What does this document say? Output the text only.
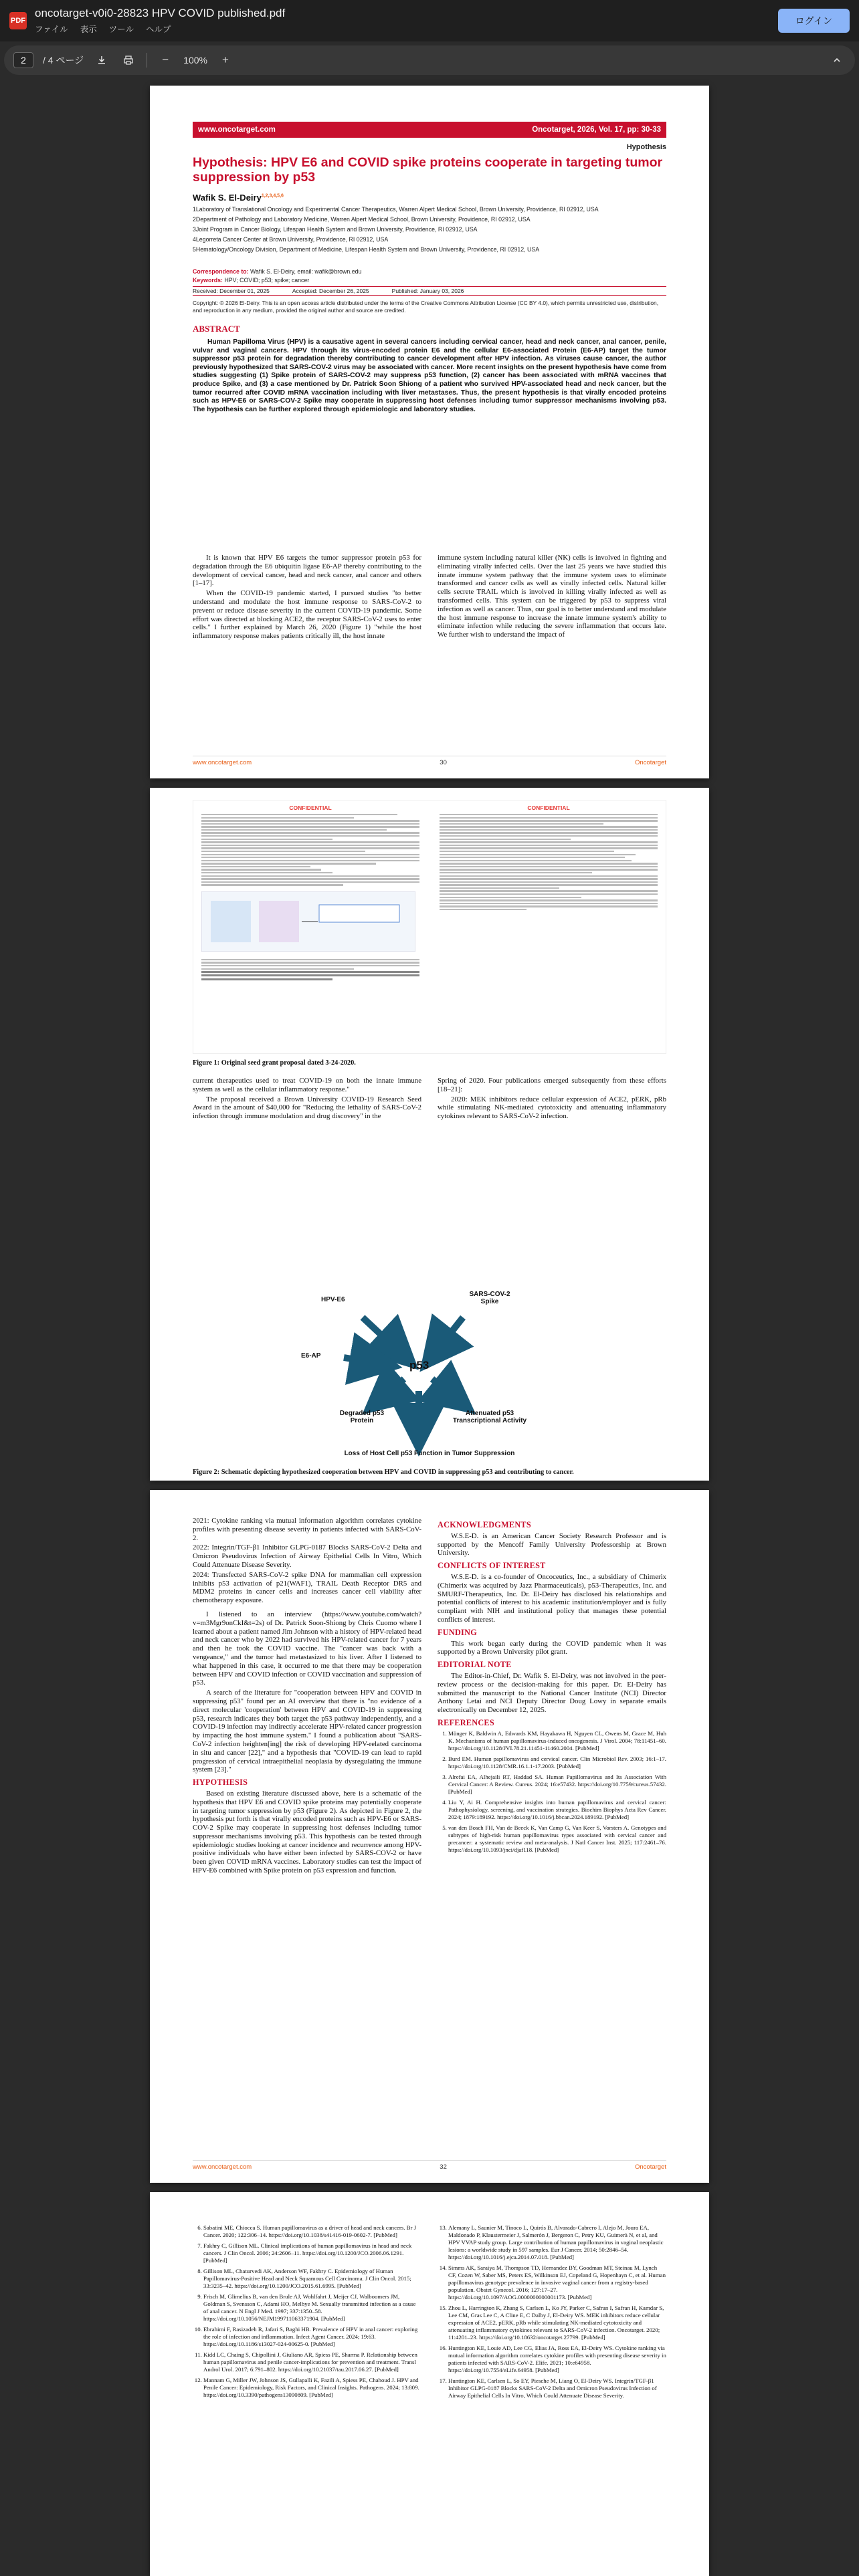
PDF
oncotarget-v0i0-28823 HPV COVID published.pdf
ファイル 表示 ツール ヘルプ
ログイン
2	/ 4 ページ	−	100%	+
www.oncotarget.com	Oncotarget, 2026, Vol. 17, pp: 30-33
Hypothesis
Hypothesis: HPV E6 and COVID spike proteins cooperate in targeting tumor suppression by p53
Wafik S. El-Deiry$^{1,2,3,4,5,6}$

1Laboratory of Translational Oncology and Experimental Cancer Therapeutics, Warren Alpert Medical School, Brown University, Providence, RI 02912, USA

2Department of Pathology and Laboratory Medicine, Warren Alpert Medical School, Brown University, Providence, RI 02912, USA

3Joint Program in Cancer Biology, Lifespan Health System and Brown University, Providence, RI 02912, USA

4Legorreta Cancer Center at Brown University, Providence, RI 02912, USA

5Hematology/Oncology Division, Department of Medicine, Lifespan Health System and Brown University, Providence, RI 02912, USA

Correspondence to: Wafik S. El-Deiry, email: wafik@brown.edu
Keywords: HPV; COVID; p53; spike; cancer
Received: December 01, 2025	Accepted: December 26, 2025	Published: January 03, 2026
Copyright: © 2026 El-Deiry. This is an open access article distributed under the terms of the Creative Commons Attribution License (CC BY 4.0), which permits unrestricted use, distribution, and reproduction in any medium, provided the original author and source are credited.
ABSTRACT
Human Papilloma Virus (HPV) is a causative agent in several cancers including cervical cancer, head and neck cancer, anal cancer, penile, vulvar and vaginal cancers. HPV through its virus-encoded protein E6 and the cellular E6-associated Protein (E6-AP) target the tumor suppressor p53 protein for degradation thereby contributing to cancer development after HPV infection. As viruses cause cancer, the author previously hypothesized that SARS-COV-2 virus may be associated with cancer. More recent insights on the present hypothesis have come from studies suggesting (1) Spike protein of SARS-COV-2 may suppress p53 function, (2) cancer has been associated with mRNA vaccines that produce Spike, and (3) a case mentioned by Dr. Patrick Soon Shiong of a patient who survived HPV-associated head and neck cancer, but the tumor recurred after COVID mRNA vaccination including with liver metastases. Thus, the present hypothesis is that virally encoded proteins such as HPV-E6 or SARS-COV-2 Spike may cooperate in suppressing host defenses including tumor suppressor mechanisms involving p53. The hypothesis can be further explored through epidemiologic and laboratory studies.

It is known that HPV E6 targets the tumor suppressor protein p53 for degradation through the E6 ubiquitin ligase E6-AP thereby contributing to the development of cervical cancer, head and neck cancer, anal cancer and others [1–17].

When the COVID-19 pandemic started, I pursued studies "to better understand and modulate the host immune response to SARS-CoV-2 to prevent or reduce disease severity in the current COVID-19 pandemic. Some effort was directed at blocking ACE2, the receptor SARS-CoV-2 uses to enter cells." I further explained by March 26, 2020 (Figure 1) "while the host inflammatory response makes patients critically ill, the host innate

immune system including natural killer (NK) cells is involved in fighting and eliminating virally infected cells. Over the last 25 years we have studied this innate immune system pathway that the immune system uses to eliminate transformed and cancer cells as well as virally infected cells. Natural killer cells secrete TRAIL which is involved in killing virally infected as well as transformed cells. This system can be triggered by p53 to suppress viral infection as well as cancer. Thus, our goal is to better understand and modulate the host immune response to increase the innate immune system's ability to eliminate infection while reducing the severe inflammation that occurs late. We further wish to understand the impact of

www.oncotarget.com	30	Oncotarget
CONFIDENTIAL	CONFIDENTIAL
Figure 1: Original seed grant proposal dated 3-24-2020.

current therapeutics used to treat COVID-19 on both the innate immune system as well as the cellular inflammatory response."

The proposal received a Brown University COVID-19 Research Seed Award in the amount of $40,000 for "Reducing the lethality of SARS-CoV-2 infection through immune modulation and drug discovery" in the

Spring of 2020. Four publications emerged subsequently from these efforts [18–21]:

2020: MEK inhibitors reduce cellular expression of ACE2, pERK, pRb while stimulating NK-mediated cytotoxicity and attenuating inflammatory cytokines relevant to SARS-CoV-2 infection.

HPV-E6
SARS-COV-2 Spike
E6-AP
p53
Degraded p53 Protein
Attenuated p53 Transcriptional Activity
Loss of Host Cell p53 Function in Tumor Suppression
Figure 2: Schematic depicting hypothesized cooperation between HPV and COVID in suppressing p53 and contributing to cancer.

2021: Cytokine ranking via mutual information algorithm correlates cytokine profiles with presenting disease severity in patients infected with SARS-CoV-2.

2022: Integrin/TGF-β1 Inhibitor GLPG-0187 Blocks SARS-CoV-2 Delta and Omicron Pseudovirus Infection of Airway Epithelial Cells In Vitro, Which Could Attenuate Disease Severity.

2024: Transfected SARS-CoV-2 spike DNA for mammalian cell expression inhibits p53 activation of p21(WAF1), TRAIL Death Receptor DR5 and MDM2 proteins in cancer cells and increases cancer cell viability after chemotherapy exposure.

I listened to an interview (https://www.youtube.com/watch?v=m3Mgr9onCkI&t=2s) of Dr. Patrick Soon-Shiong by Chris Cuomo where I learned about a patient named Jim Johnson with a history of HPV-related head and neck cancer who by 2022 had survived his HPV-related cancer for 7 years and then he took the COVID vaccine. The "cancer was back with a vengeance," and the tumor had metastasized to his liver. After I listened to what happened in this case, it occurred to me that there may be cooperation between HPV and COVID infection or COVID vaccination and suppression of p53.

A search of the literature for "cooperation between HPV and COVID in suppressing p53" found per an AI overview that there is "no evidence of a direct molecular 'cooperation' between HPV and COVID-19 in suppressing p53, research indicates they both target the p53 pathway independently, and a COVID-19 infection may indirectly accelerate HPV-related cancer progression by impacting the host immune system." I found a publication about "SARS-CoV-2 infection heighten[ing] the risk of developing HPV-related carcinoma in situ and cancer [22]," and a hypothesis that "COVID-19 can lead to rapid progression of cervical intraepithelial neoplasia by dysregulating the immune system [23]."

HYPOTHESIS

Based on existing literature discussed above, here is a schematic of the hypothesis that HPV E6 and COVID spike proteins may potentially cooperate in targeting tumor suppression by p53 (Figure 2). As depicted in Figure 2, the hypothesis put forth is that virally encoded proteins such as HPV-E6 or SARS-COV-2 Spike may cooperate in suppressing host defenses including tumor suppressor mechanisms involving p53. This hypothesis can be tested through epidemiologic studies looking at cancer incidence and recurrence among HPV-positive individuals who have either been infected by SARS-COV-2 or have been given COVID mRNA vaccines. Laboratory studies can test the impact of HPV-E6 combined with Spike protein on p53 expression and function.

ACKNOWLEDGMENTS

W.S.E-D. is an American Cancer Society Research Professor and is supported by the Mencoff Family University Professorship at Brown University.

CONFLICTS OF INTEREST

W.S.E-D. is a co-founder of Oncoceutics, Inc., a subsidiary of Chimerix (Chimerix was acquired by Jazz Pharmaceuticals), p53-Therapeutics, Inc. and SMURF-Therapeutics, Inc. Dr. El-Deiry has disclosed his relationships and potential conflicts of interest to his academic institution/employer and is fully compliant with NIH and institutional policy that manages these potential conflicts of interest.

FUNDING

This work began early during the COVID pandemic when it was supported by a Brown University pilot grant.

EDITORIAL NOTE

The Editor-in-Chief, Dr. Wafik S. El-Deiry, was not involved in the peer-review process or the decision-making for this paper. Dr. El-Deiry has submitted the manuscript to the National Cancer Institute (NCI) Director Anthony Letai and NCI Deputy Director Doug Lowy in separate emails electronically on December 12, 2025.

REFERENCES
1. Münger K, Baldwin A, Edwards KM, Hayakawa H, Nguyen CL, Owens M, Grace M, Huh K. Mechanisms of human papillomavirus-induced oncogenesis. J Virol. 2004; 78:11451–60. https://doi.org/10.1128/JVI.78.21.11451-11460.2004. [PubMed]
2. Burd EM. Human papillomavirus and cervical cancer. Clin Microbiol Rev. 2003; 16:1–17. https://doi.org/10.1128/CMR.16.1.1-17.2003. [PubMed]
3. Alrefai EA, Alhejaili RT, Haddad SA. Human Papillomavirus and Its Association With Cervical Cancer: A Review. Cureus. 2024; 16:e57432. https://doi.org/10.7759/cureus.57432. [PubMed]
4. Liu Y, Ai H. Comprehensive insights into human papillomavirus and cervical cancer: Pathophysiology, screening, and vaccination strategies. Biochim Biophys Acta Rev Cancer. 2024; 1879:189192. https://doi.org/10.1016/j.bbcan.2024.189192. [PubMed]
5. van den Bosch FH, Van de Beeck K, Van Camp G, Van Keer S, Vorsters A. Genotypes and subtypes of high-risk human papillomavirus types associated with cervical cancer and precancer: a systematic review and meta-analysis. J Natl Cancer Inst. 2025; 117:2461–76. https://doi.org/10.1093/jnci/djaf118. [PubMed]
www.oncotarget.com	32	Oncotarget
6. Sabatini ME, Chiocca S. Human papillomavirus as a driver of head and neck cancers. Br J Cancer. 2020; 122:306–14. https://doi.org/10.1038/s41416-019-0602-7. [PubMed]
7. Fakhry C, Gillison ML. Clinical implications of human papillomavirus in head and neck cancers. J Clin Oncol. 2006; 24:2606–11. https://doi.org/10.1200/JCO.2006.06.1291. [PubMed]
8. Gillison ML, Chaturvedi AK, Anderson WF, Fakhry C. Epidemiology of Human Papillomavirus-Positive Head and Neck Squamous Cell Carcinoma. J Clin Oncol. 2015; 33:3235–42. https://doi.org/10.1200/JCO.2015.61.6995. [PubMed]
9. Frisch M, Glimelius B, van den Brule AJ, Wohlfahrt J, Meijer CJ, Walboomers JM, Goldman S, Svensson C, Adami HO, Melbye M. Sexually transmitted infection as a cause of anal cancer. N Engl J Med. 1997; 337:1350–58. https://doi.org/10.1056/NEJM199711063371904. [PubMed]
10. Ebrahimi F, Rasizadeh R, Jafari S, Baghi HB. Prevalence of HPV in anal cancer: exploring the role of infection and inflammation. Infect Agent Cancer. 2024; 19:63. https://doi.org/10.1186/s13027-024-00625-0. [PubMed]
11. Kidd LC, Chaing S, Chipollini J, Giuliano AR, Spiess PE, Sharma P. Relationship between human papillomavirus and penile cancer-implications for prevention and treatment. Transl Androl Urol. 2017; 6:791–802. https://doi.org/10.21037/tau.2017.06.27. [PubMed]
12. Mannam G, Miller JW, Johnson JS, Gullapalli K, Fazili A, Spiess PE, Chahoud J. HPV and Penile Cancer: Epidemiology, Risk Factors, and Clinical Insights. Pathogens. 2024; 13:809. https://doi.org/10.3390/pathogens13090809. [PubMed]
13. Alemany L, Saunier M, Tinoco L, Quirós B, Alvarado-Cabrero I, Alejo M, Joura EA, Maldonado P, Klaustermeier J, Salmerón J, Bergeron C, Petry KU, Guimerà N, et al, and HPV VVAP study group. Large contribution of human papillomavirus in vaginal neoplastic lesions: a worldwide study in 597 samples. Eur J Cancer. 2014; 50:2846–54. https://doi.org/10.1016/j.ejca.2014.07.018. [PubMed]
14. Simms AK, Saraiya M, Thompson TD, Hernandez BY, Goodman MT, Steinau M, Lynch CF, Cozen W, Saber MS, Peters ES, Wilkinson EJ, Copeland G, Hopenhayn C, et al. Human papillomavirus genotype prevalence in invasive vaginal cancer from a registry-based population. Obstet Gynecol. 2016; 127:17–27. https://doi.org/10.1097/AOG.0000000000001173. [PubMed]
15. Zhou L, Harrington K, Zhang S, Carlsen L, Ko JY, Parker C, Safran I, Safran H, Kamdar S, Lee CM, Gras Lee C, A Cline E, C Dalby J, El-Deiry WS. MEK inhibitors reduce cellular expression of ACE2, pERK, pRb while stimulating NK-mediated cytotoxicity and attenuating inflammatory cytokines relevant to SARS-CoV-2 infection. Oncotarget. 2020; 11:4201–23. https://doi.org/10.18632/oncotarget.27799. [PubMed]
16. Huntington KE, Louie AD, Lee CG, Elias JA, Ross EA, El-Deiry WS. Cytokine ranking via mutual information algorithm correlates cytokine profiles with presenting disease severity in patients infected with SARS-CoV-2. Elife. 2021; 10:e64958. https://doi.org/10.7554/eLife.64958. [PubMed]
17. Huntington KE, Carlsen L, So EY, Piesche M, Liang O, El-Deiry WS. Integrin/TGF-β1 Inhibitor GLPG-0187 Blocks SARS-CoV-2 Delta and Omicron Pseudovirus Infection of Airway Epithelial Cells In Vitro, Which Could Attenuate Disease Severity.
